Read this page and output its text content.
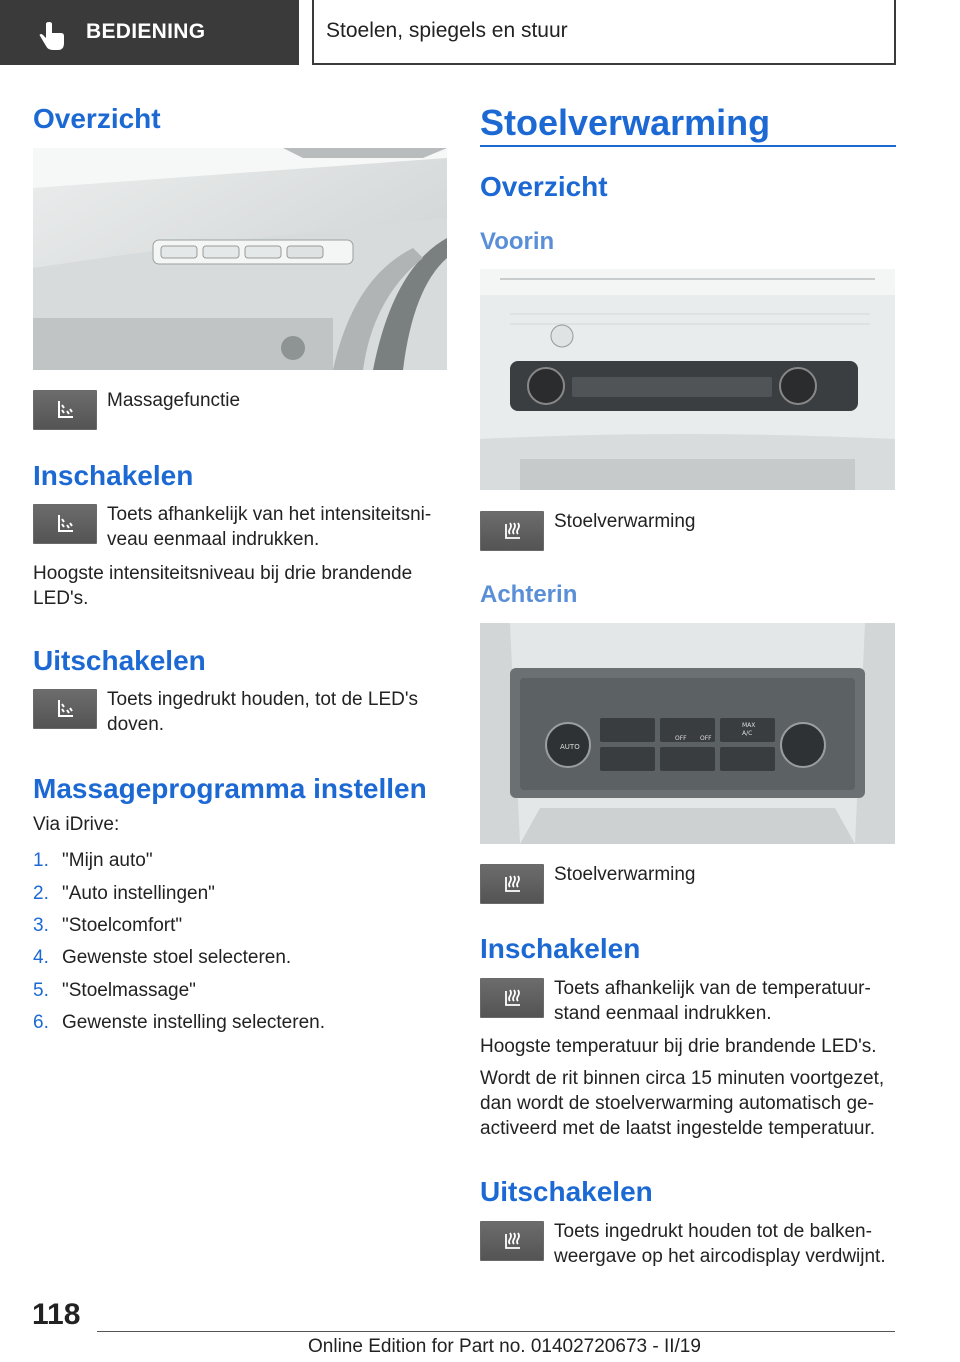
BEDIENING	Stoelen, spiegels en stuur
Overzicht
Massagefunctie
Inschakelen
Toets afhankelijk van het intensiteitsni-veau eenmaal indrukken.
Hoogste intensiteitsniveau bij drie brandende LED's.
Uitschakelen
Toets ingedrukt houden, tot de LED's doven.
Massageprogramma instellen
Via iDrive:
1. "Mijn auto"
2. "Auto instellingen"
3. "Stoelcomfort"
4. Gewenste stoel selecteren.
5. "Stoelmassage"
6. Gewenste instelling selecteren.
Stoelverwarming
Overzicht
Voorin
Stoelverwarming
Achterin
AUTO
OFF OFF
MAX
A/C
Stoelverwarming
Inschakelen
Toets afhankelijk van de temperatuur-stand eenmaal indrukken.
Hoogste temperatuur bij drie brandende LED's.
Wordt de rit binnen circa 15 minuten voortgezet, dan wordt de stoelverwarming automatisch ge-activeerd met de laatst ingestelde temperatuur.
Uitschakelen
Toets ingedrukt houden tot de balken-weergave op het aircodisplay verdwijnt.
118
Online Edition for Part no. 01402720673 - II/19
